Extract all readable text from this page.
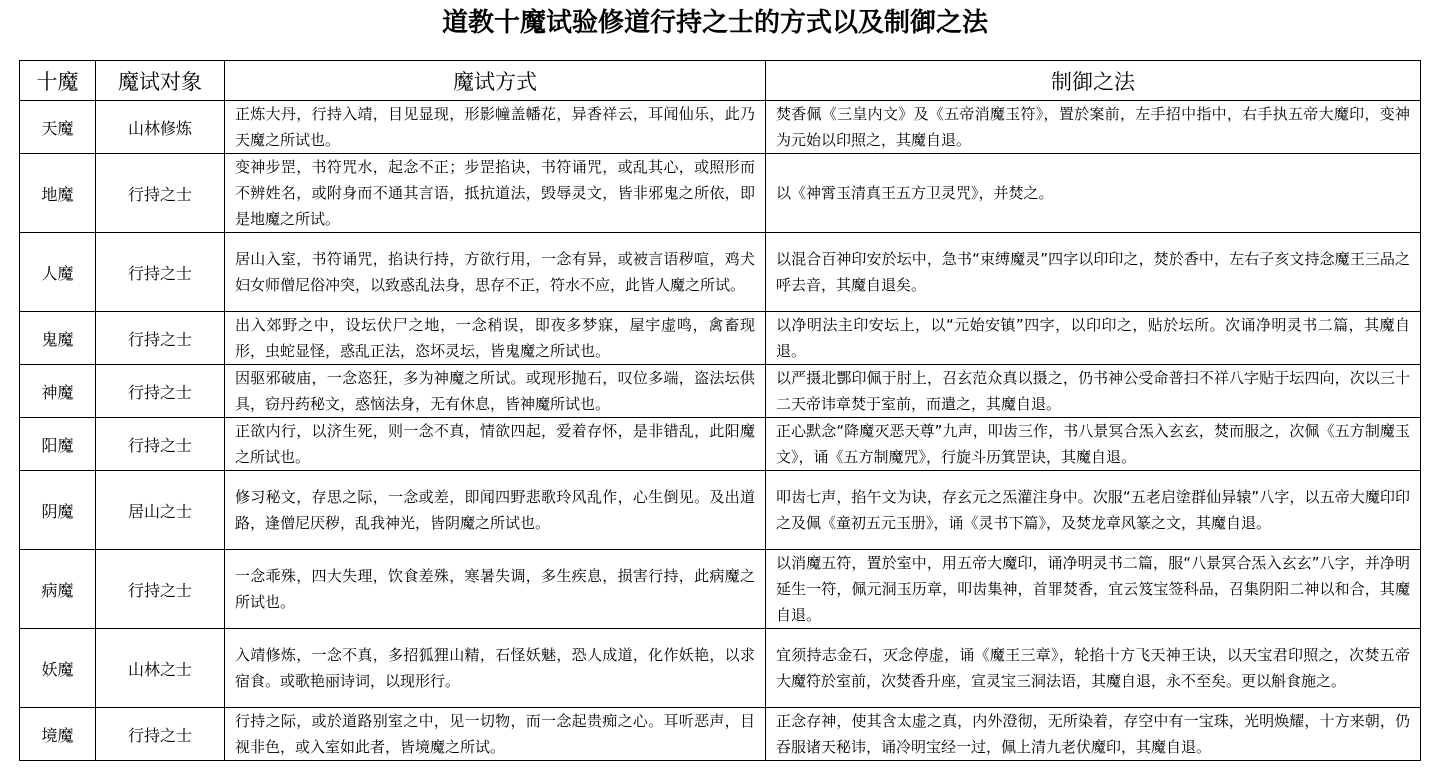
道教十魔试验修道行持之士的方式以及制御之法
十魔	魔试对象	魔试方式	制御之法
天魔	山林修炼	正炼大丹，行持入靖，目见显现，形影幢盖幡花，异香祥云，耳闻仙乐，此乃天魔之所试也。	焚香佩《三皇内文》及《五帝消魔玉符》，置於案前，左手招中指中，右手执五帝大魔印，变神为元始以印照之，其魔自退。
地魔	行持之士	变神步罡，书符咒水，起念不正；步罡掐诀，书符诵咒，或乱其心，或照形而不辨姓名，或附身而不通其言语，抵抗道法，毁辱灵文，皆非邪鬼之所依，即是地魔之所试。	以《神霄玉清真王五方卫灵咒》，并焚之。
人魔	行持之士	居山入室，书符诵咒，掐诀行持，方欲行用，一念有异，或被言语秽喧，鸡犬妇女师僧尼俗冲突，以致惑乱法身，思存不正，符水不应，此皆人魔之所试。	以混合百神印安於坛中，急书“束缚魔灵”四字以印印之，焚於香中，左右子亥文持念魔王三品之呼去音，其魔自退矣。
鬼魔	行持之士	出入郊野之中，设坛伏尸之地，一念稍误，即夜多梦寐，屋宇虚鸣，禽畜现形，虫蛇显怪，惑乱正法，恣坏灵坛，皆鬼魔之所试也。	以净明法主印安坛上，以“元始安镇”四字，以印印之，贴於坛所。次诵净明灵书二篇，其魔自退。
神魔	行持之士	因驱邪破庙，一念恣狂，多为神魔之所试。或现形抛石，叹位多端，盗法坛供具，窃丹药秘文，惑恼法身，无有休息，皆神魔所试也。	以严摄北酆印佩于肘上，召玄范众真以摄之，仍书神公受命普扫不祥八字贴于坛四向，次以三十二天帝讳章焚于室前，而遣之，其魔自退。
阳魔	行持之士	正欲内行，以济生死，则一念不真，情欲四起，爱着存怀，是非错乱，此阳魔之所试也。	正心默念“降魔灭恶天尊”九声，叩齿三作，书八景冥合炁入玄玄，焚而服之，次佩《五方制魔玉文》，诵《五方制魔咒》，行旋斗历箕罡诀，其魔自退。
阴魔	居山之士	修习秘文，存思之际，一念或差，即闻四野悲歌玲风乱作，心生倒见。及出道路，逢僧尼厌秽，乱我神光，皆阴魔之所试也。	叩齿七声，掐午文为诀，存玄元之炁灌注身中。次服“五老启塗群仙异辕”八字，以五帝大魔印印之及佩《童初五元玉册》，诵《灵书下篇》，及焚龙章风篆之文，其魔自退。
病魔	行持之士	一念乖殊，四大失理，饮食差殊，寒暑失调，多生疾息，损害行持，此病魔之所试也。	以消魔五符，置於室中，用五帝大魔印，诵净明灵书二篇，服“八景冥合炁入玄玄”八字，并净明延生一符，佩元洞玉历章，叩齿集神，首罪焚香，宜云笈宝签科品，召集阴阳二神以和合，其魔自退。
妖魔	山林之士	入靖修炼，一念不真，多招狐狸山精，石怪妖魅，恐人成道，化作妖艳，以求宿食。或歌艳丽诗词，以现形行。	宜须持志金石，灭念停虚，诵《魔王三章》，轮掐十方飞天神王诀，以天宝君印照之，次焚五帝大魔符於室前，次焚香升座，宣灵宝三洞法语，其魔自退，永不至矣。更以斛食施之。
境魔	行持之士	行持之际，或於道路别室之中，见一切物，而一念起贵痴之心。耳听恶声，目视非色，或入室如此者，皆境魔之所试。	正念存神，使其含太虚之真，内外澄彻，无所染着，存空中有一宝珠，光明焕耀，十方来朝，仍吞服诸天秘讳，诵冷明宝经一过，佩上清九老伏魔印，其魔自退。
